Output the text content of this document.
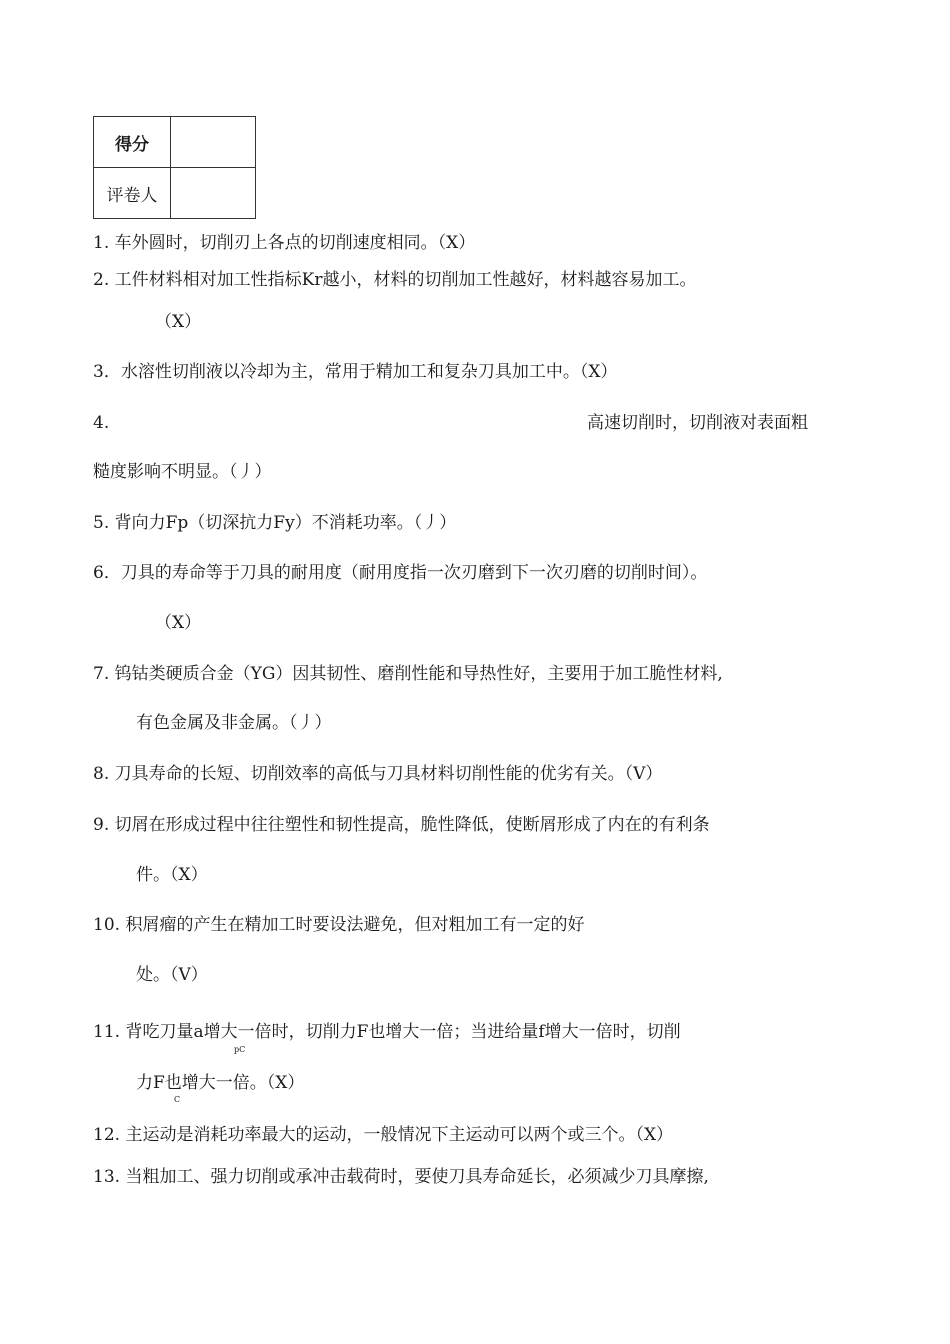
得分	
评卷人	
1. 车外圆时，切削刃上各点的切削速度相同。（X）
2. 工件材料相对加工性指标Kr越小，材料的切削加工性越好，材料越容易加工。
（X）
3．水溶性切削液以冷却为主，常用于精加工和复杂刀具加工中。（X）
4.	高速切削时，切削液对表面粗
糙度影响不明显。（丿）
5. 背向力Fp（切深抗力Fy）不消耗功率。（丿）
6．刀具的寿命等于刀具的耐用度（耐用度指一次刃磨到下一次刃磨的切削时间）。
（X）
7. 钨钴类硬质合金（YG）因其韧性、磨削性能和导热性好，主要用于加工脆性材料,
有色金属及非金属。（丿）
8. 刀具寿命的长短、切削效率的高低与刀具材料切削性能的优劣有关。（V）
9. 切屑在形成过程中往往塑性和韧性提高，脆性降低，使断屑形成了内在的有利条
件。（X）
10. 积屑瘤的产生在精加工时要设法避免，但对粗加工有一定的好
处。（V）
11. 背吃刀量a增大一倍时，切削力F也增大一倍；当进给量f增大一倍时，切削
pC
力F也增大一倍。（X）
C
12. 主运动是消耗功率最大的运动，一般情况下主运动可以两个或三个。（X）
13. 当粗加工、强力切削或承冲击载荷时，要使刀具寿命延长，必须减少刀具摩擦,
